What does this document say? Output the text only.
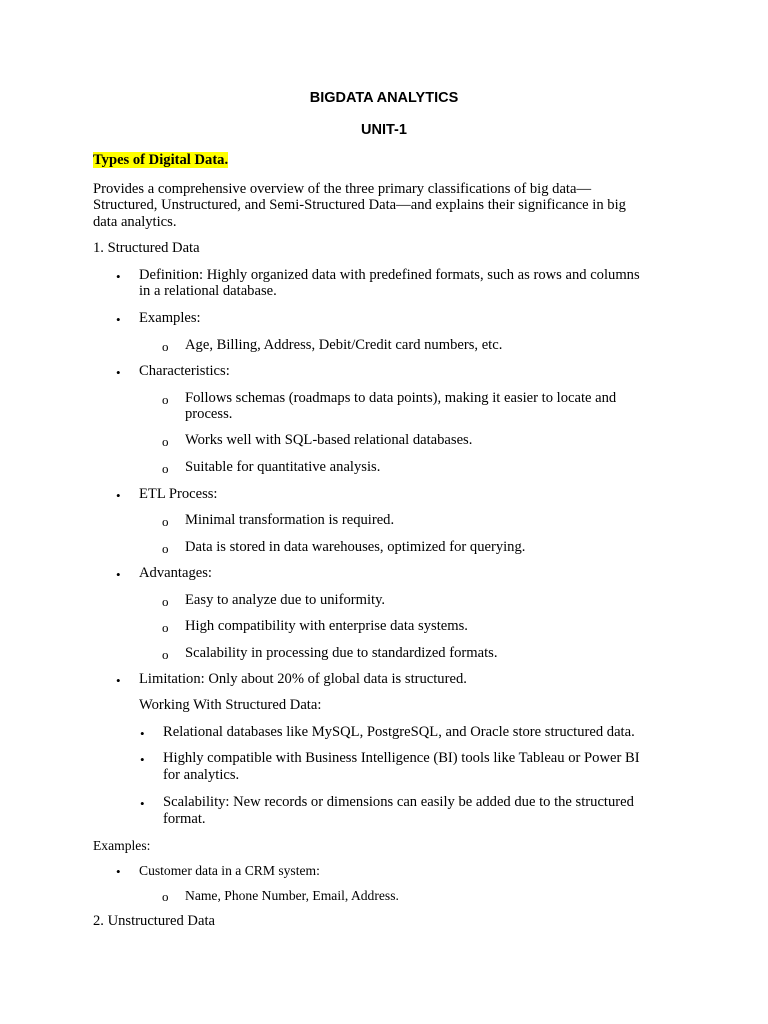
BIGDATA ANALYTICS
UNIT-1
Types of Digital Data.
Provides a comprehensive overview of the three primary classifications of big data—
Structured, Unstructured, and Semi-Structured Data—and explains their significance in big
data analytics.
1. Structured Data
• Definition: Highly organized data with predefined formats, such as rows and columns
in a relational database.
• Examples:
o Age, Billing, Address, Debit/Credit card numbers, etc.
• Characteristics:
o Follows schemas (roadmaps to data points), making it easier to locate and
process.
o Works well with SQL-based relational databases.
o Suitable for quantitative analysis.
• ETL Process:
o Minimal transformation is required.
o Data is stored in data warehouses, optimized for querying.
• Advantages:
o Easy to analyze due to uniformity.
o High compatibility with enterprise data systems.
o Scalability in processing due to standardized formats.
• Limitation: Only about 20% of global data is structured.
Working With Structured Data:
• Relational databases like MySQL, PostgreSQL, and Oracle store structured data.
• Highly compatible with Business Intelligence (BI) tools like Tableau or Power BI
for analytics.
• Scalability: New records or dimensions can easily be added due to the structured
format.
Examples:
• Customer data in a CRM system:
o Name, Phone Number, Email, Address.
2. Unstructured Data
